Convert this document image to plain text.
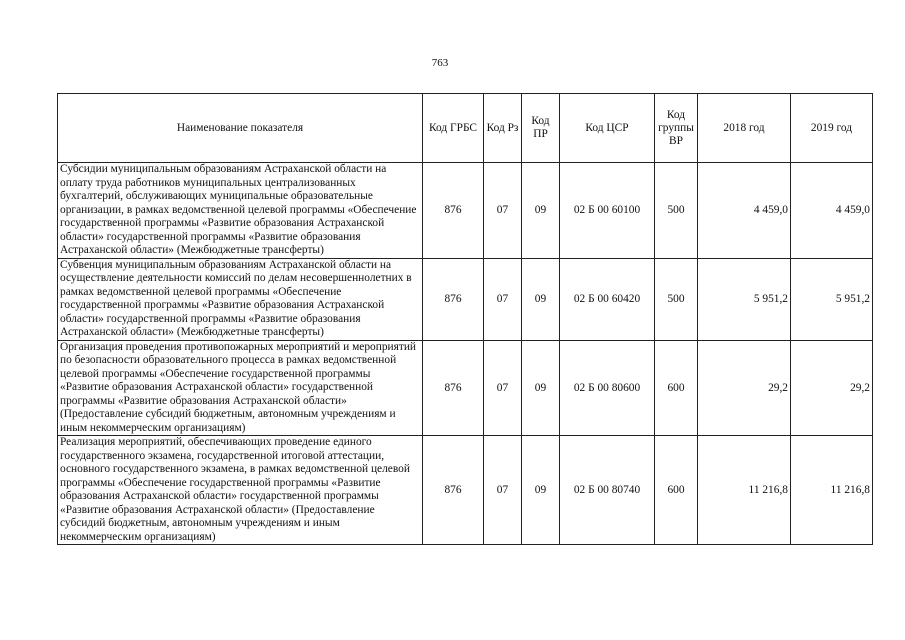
763
Наименование показателя	Код ГРБС	Код Рз	Код ПР	Код ЦСР	Код группы ВР	2018 год	2019 год
Субсидии муниципальным образованиям Астраханской области на оплату труда работников муниципальных централизованных бухгалтерий, обслуживающих муниципальные образовательные организации, в рамках ведомственной целевой программы «Обеспечение государственной программы «Развитие образования Астраханской области» государственной программы «Развитие образования Астраханской области» (Межбюджетные трансферты)	876	07	09	02 Б 00 60100	500	4 459,0	4 459,0
Субвенция муниципальным образованиям Астраханской области на осуществление деятельности комиссий по делам несовершеннолетних в рамках ведомственной целевой программы «Обеспечение государственной программы «Развитие образования Астраханской области» государственной программы «Развитие образования Астраханской области» (Межбюджетные трансферты)	876	07	09	02 Б 00 60420	500	5 951,2	5 951,2
Организация проведения противопожарных мероприятий и мероприятий по безопасности образовательного процесса в рамках ведомственной целевой программы «Обеспечение государственной программы «Развитие образования Астраханской области» государственной программы «Развитие образования Астраханской области» (Предоставление субсидий бюджетным, автономным учреждениям и иным некоммерческим организациям)	876	07	09	02 Б 00 80600	600	29,2	29,2
Реализация мероприятий, обеспечивающих проведение единого государственного экзамена, государственной итоговой аттестации, основного государственного экзамена, в рамках ведомственной целевой программы «Обеспечение государственной программы «Развитие образования Астраханской области» государственной программы «Развитие образования Астраханской области» (Предоставление субсидий бюджетным, автономным учреждениям и иным некоммерческим организациям)	876	07	09	02 Б 00 80740	600	11 216,8	11 216,8
